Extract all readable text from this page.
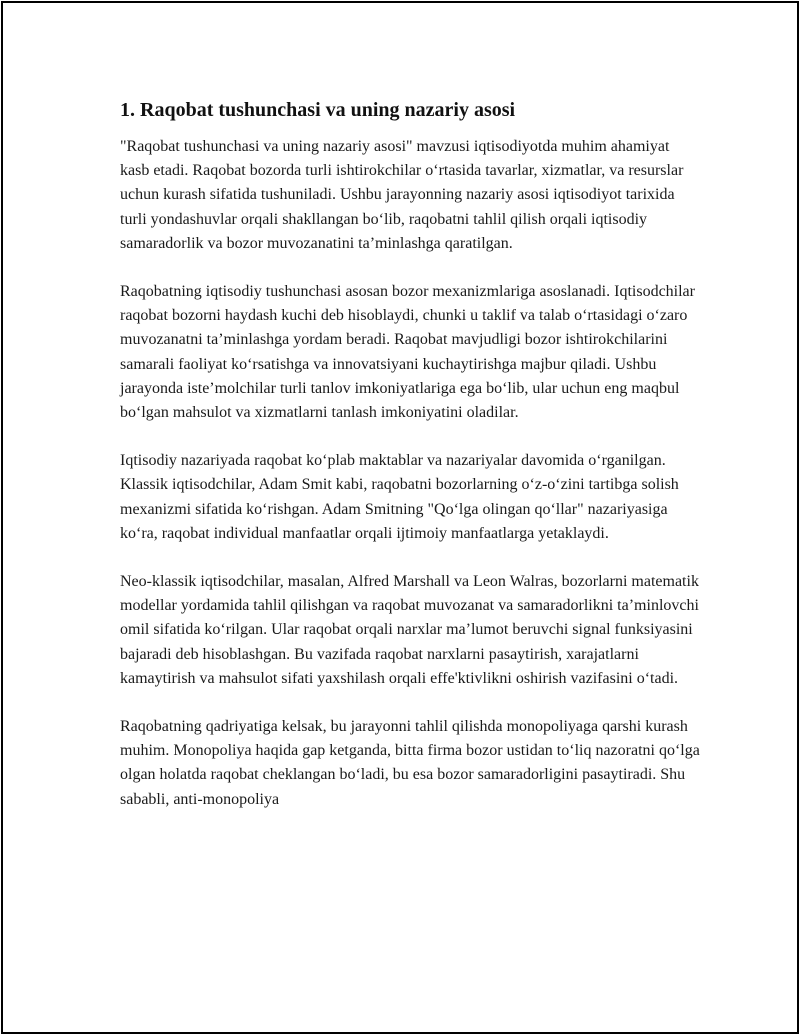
1. Raqobat tushunchasi va uning nazariy asosi

"Raqobat tushunchasi va uning nazariy asosi" mavzusi iqtisodiyotda muhim ahamiyat kasb etadi. Raqobat bozorda turli ishtirokchilar o‘rtasida tavarlar, xizmatlar, va resurslar uchun kurash sifatida tushuniladi. Ushbu jarayonning nazariy asosi iqtisodiyot tarixida turli yondashuvlar orqali shakllangan bo‘lib, raqobatni tahlil qilish orqali iqtisodiy samaradorlik va bozor muvozanatini ta’minlashga qaratilgan.

Raqobatning iqtisodiy tushunchasi asosan bozor mexanizmlariga asoslanadi. Iqtisodchilar raqobat bozorni haydash kuchi deb hisoblaydi, chunki u taklif va talab o‘rtasidagi o‘zaro muvozanatni ta’minlashga yordam beradi. Raqobat mavjudligi bozor ishtirokchilarini samarali faoliyat ko‘rsatishga va innovatsiyani kuchaytirishga majbur qiladi. Ushbu jarayonda iste’molchilar turli tanlov imkoniyatlariga ega bo‘lib, ular uchun eng maqbul bo‘lgan mahsulot va xizmatlarni tanlash imkoniyatini oladilar.

Iqtisodiy nazariyada raqobat ko‘plab maktablar va nazariyalar davomida o‘rganilgan. Klassik iqtisodchilar, Adam Smit kabi, raqobatni bozorlarning o‘z-o‘zini tartibga solish mexanizmi sifatida ko‘rishgan. Adam Smitning "Qo‘lga olingan qo‘llar" nazariyasiga ko‘ra, raqobat individual manfaatlar orqali ijtimoiy manfaatlarga yetaklaydi.

Neo-klassik iqtisodchilar, masalan, Alfred Marshall va Leon Walras, bozorlarni matematik modellar yordamida tahlil qilishgan va raqobat muvozanat va samaradorlikni ta’minlovchi omil sifatida ko‘rilgan. Ular raqobat orqali narxlar ma’lumot beruvchi signal funksiyasini bajaradi deb hisoblashgan. Bu vazifada raqobat narxlarni pasaytirish, xarajatlarni kamaytirish va mahsulot sifati yaxshilash orqali effe'ktivlikni oshirish vazifasini o‘tadi.

Raqobatning qadriyatiga kelsak, bu jarayonni tahlil qilishda monopoliyaga qarshi kurash muhim. Monopoliya haqida gap ketganda, bitta firma bozor ustidan to‘liq nazoratni qo‘lga olgan holatda raqobat cheklangan bo‘ladi, bu esa bozor samaradorligini pasaytiradi. Shu sababli, anti-monopoliya
